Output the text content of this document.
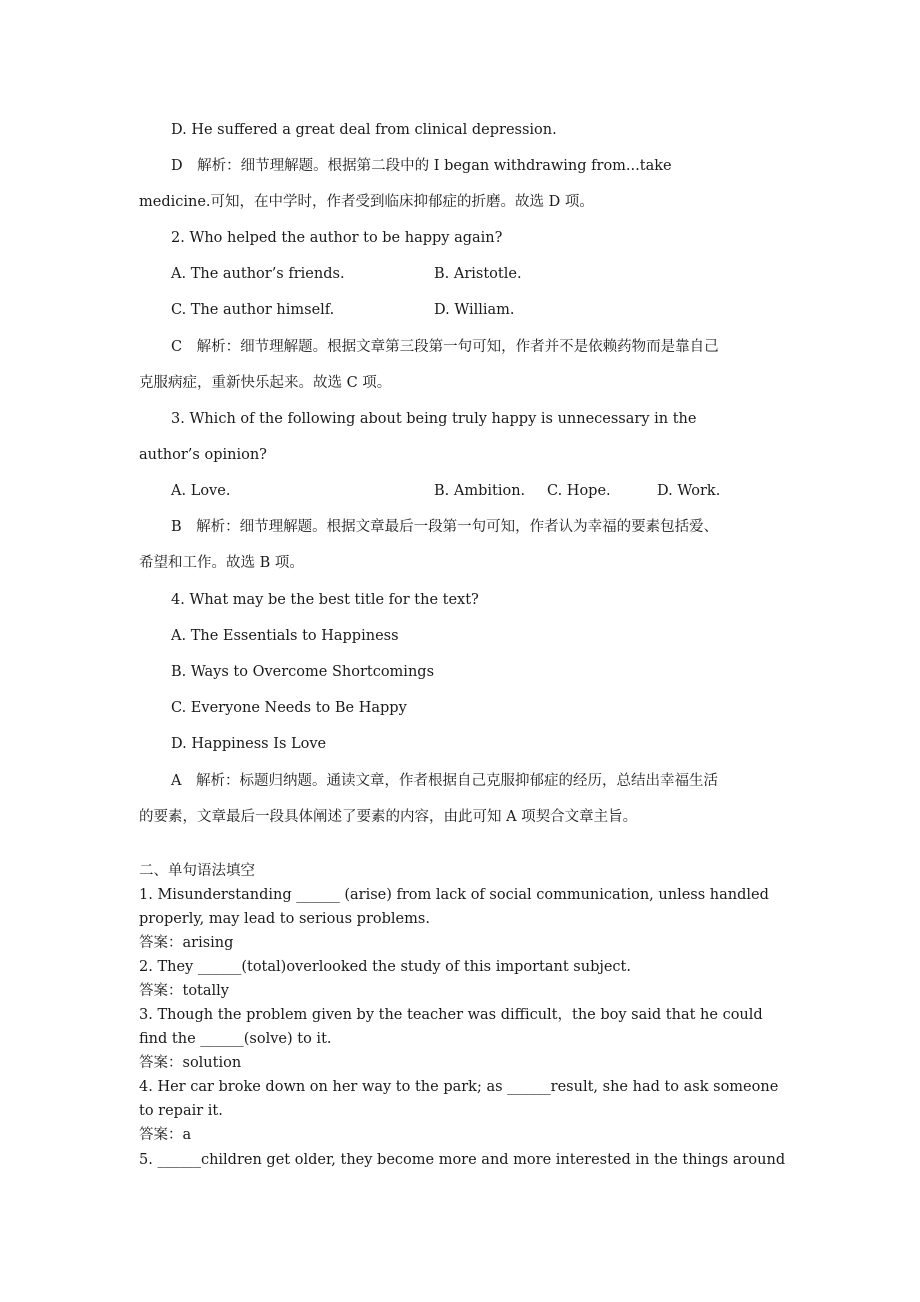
D. He suffered a great deal from clinical depression.
D　解析：细节理解题。根据第二段中的 I began withdrawing from...take
medicine.可知，在中学时，作者受到临床抑郁症的折磨。故选 D 项。
2. Who helped the author to be happy again?
A. The author’s friends.	B. Aristotle.
C. The author himself.	D. William.
C　解析：细节理解题。根据文章第三段第一句可知，作者并不是依赖药物而是靠自己
克服病症，重新快乐起来。故选 C 项。
3. Which of the following about being truly happy is unnecessary in the
author’s opinion?
A. Love.	B. Ambition. C. Hope.	D. Work.
B　解析：细节理解题。根据文章最后一段第一句可知，作者认为幸福的要素包括爱、
希望和工作。故选 B 项。
4. What may be the best title for the text?
A. The Essentials to Happiness
B. Ways to Overcome Shortcomings
C. Everyone Needs to Be Happy
D. Happiness Is Love
A　解析：标题归纳题。通读文章，作者根据自己克服抑郁症的经历，总结出幸福生活
的要素，文章最后一段具体阐述了要素的内容，由此可知 A 项契合文章主旨。
二、单句语法填空
1. Misunderstanding ______ (arise) from lack of social communication, unless handled
properly, may lead to serious problems.
答案：arising
2. They ______(total)overlooked the study of this important subject.
答案：totally
3. Though the problem given by the teacher was difficult，the boy said that he could
find the ______(solve) to it.
答案：solution
4. Her car broke down on her way to the park; as ______result, she had to ask someone
to repair it.
答案：a
5. ______children get older, they become more and more interested in the things around
